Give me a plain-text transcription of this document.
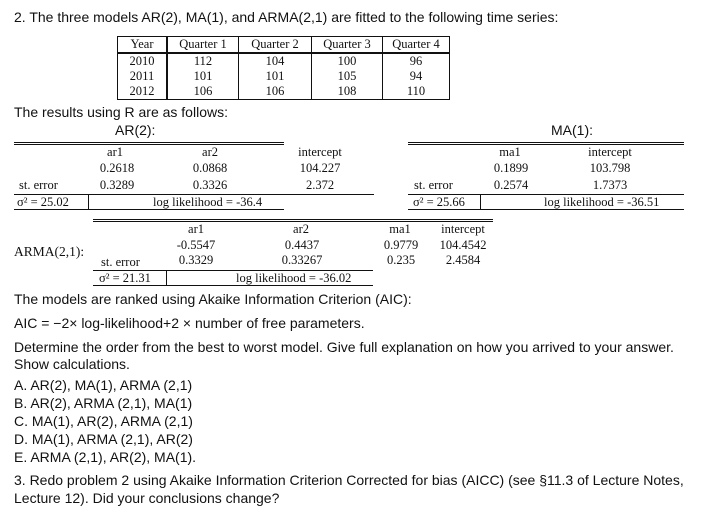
2. The three models AR(2), MA(1), and ARMA(2,1) are fitted to the following time series:
Year	Quarter 1	Quarter 2	Quarter 3	Quarter 4
2010	112	104	100	96
2011	101	101	105	94
2012	106	106	108	110
The results using R are as follows:
AR(2):
ar1	ar2	intercept
0.2618	0.0868	104.227
st. error	0.3289	0.3326	2.372
σ² = 25.02	log likelihood = -36.4
MA(1):
ma1	intercept
0.1899	103.798
st. error	0.2574	1.7373
σ² = 25.66	log likelihood = -36.51
ARMA(2,1):
ar1	ar2	ma1	intercept
-0.5547	0.4437	0.9779	104.4542
st. error	0.3329	0.33267	0.235	2.4584
σ² = 21.31	log likelihood = -36.02
The models are ranked using Akaike Information Criterion (AIC):
AIC = −2× log-likelihood+2 × number of free parameters.
Determine the order from the best to worst model. Give full explanation on how you arrived to your answer.
Show calculations.
A. AR(2), MA(1), ARMA (2,1)
B. AR(2), ARMA (2,1), MA(1)
C. MA(1), AR(2), ARMA (2,1)
D. MA(1), ARMA (2,1), AR(2)
E. ARMA (2,1), AR(2), MA(1).
3. Redo problem 2 using Akaike Information Criterion Corrected for bias (AICC) (see §11.3 of Lecture Notes,
Lecture 12). Did your conclusions change?
